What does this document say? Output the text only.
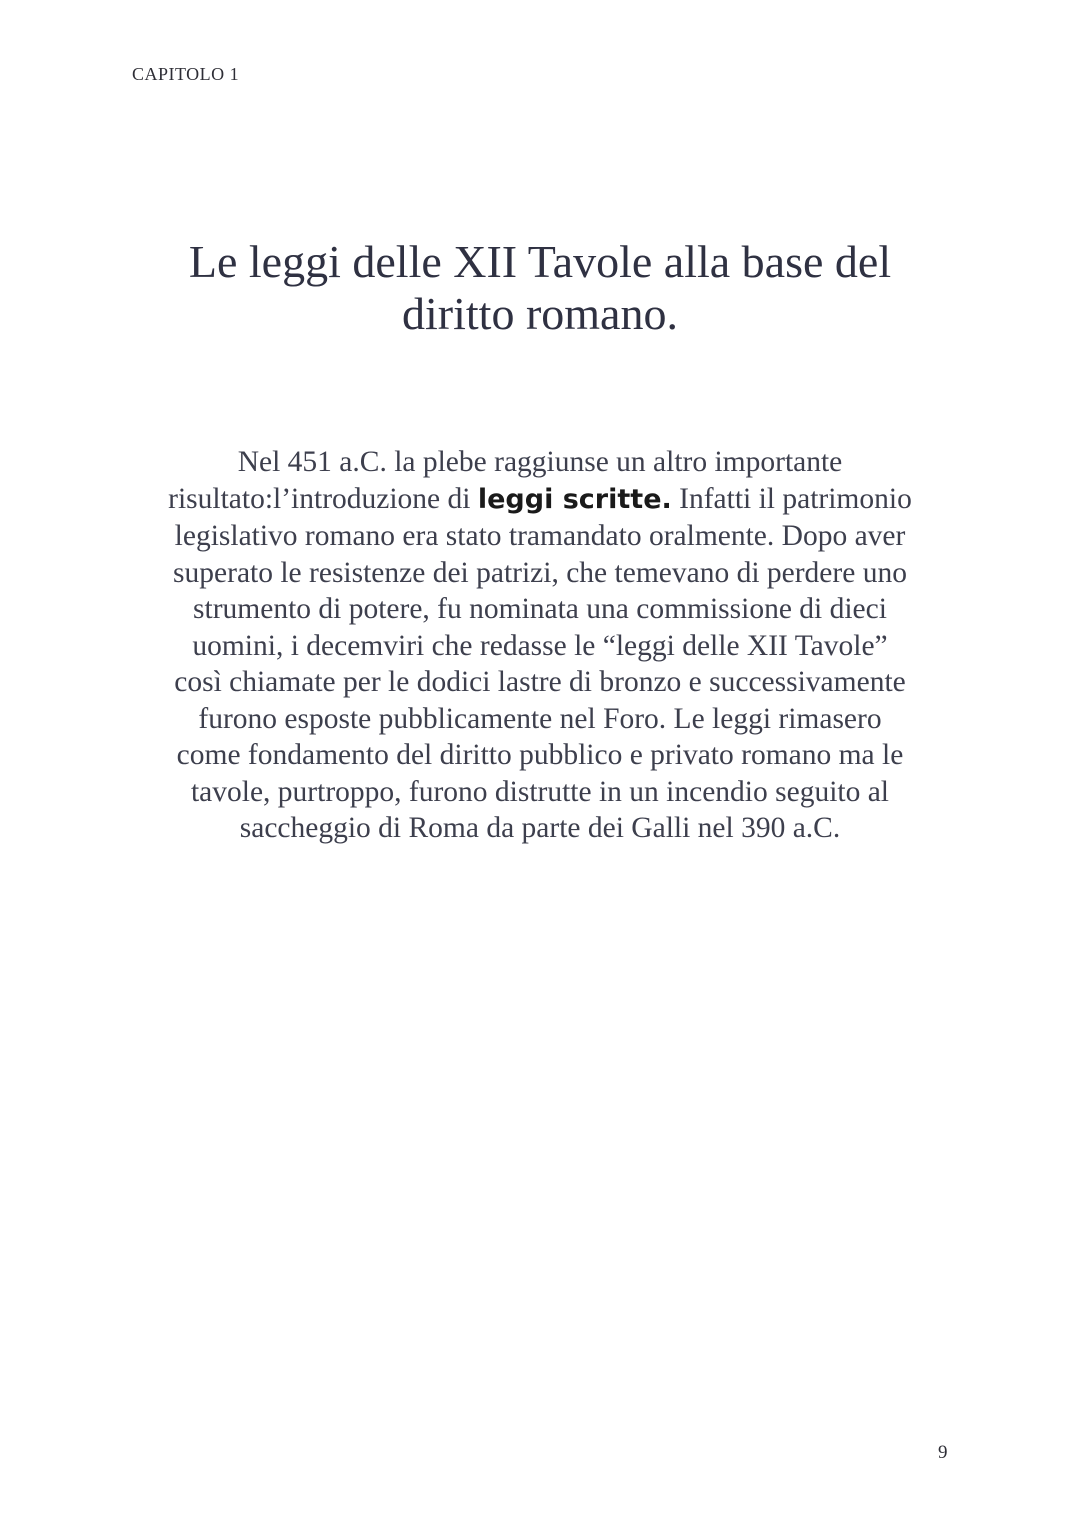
CAPITOLO 1
Le leggi delle XII Tavole alla base del
diritto romano.

Nel 451 a.C. la plebe raggiunse un altro importante
risultato:l’introduzione di leggi scritte. Infatti il patrimonio
legislativo romano era stato tramandato oralmente. Dopo aver
superato le resistenze dei patrizi, che temevano di perdere uno
strumento di potere, fu nominata una commissione di dieci
uomini, i decemviri che redasse le “leggi delle XII Tavole”
così chiamate per le dodici lastre di bronzo e successivamente
furono esposte pubblicamente nel Foro. Le leggi rimasero
come fondamento del diritto pubblico e privato romano ma le
tavole, purtroppo, furono distrutte in un incendio seguito al
saccheggio di Roma da parte dei Galli nel 390 a.C.

9
